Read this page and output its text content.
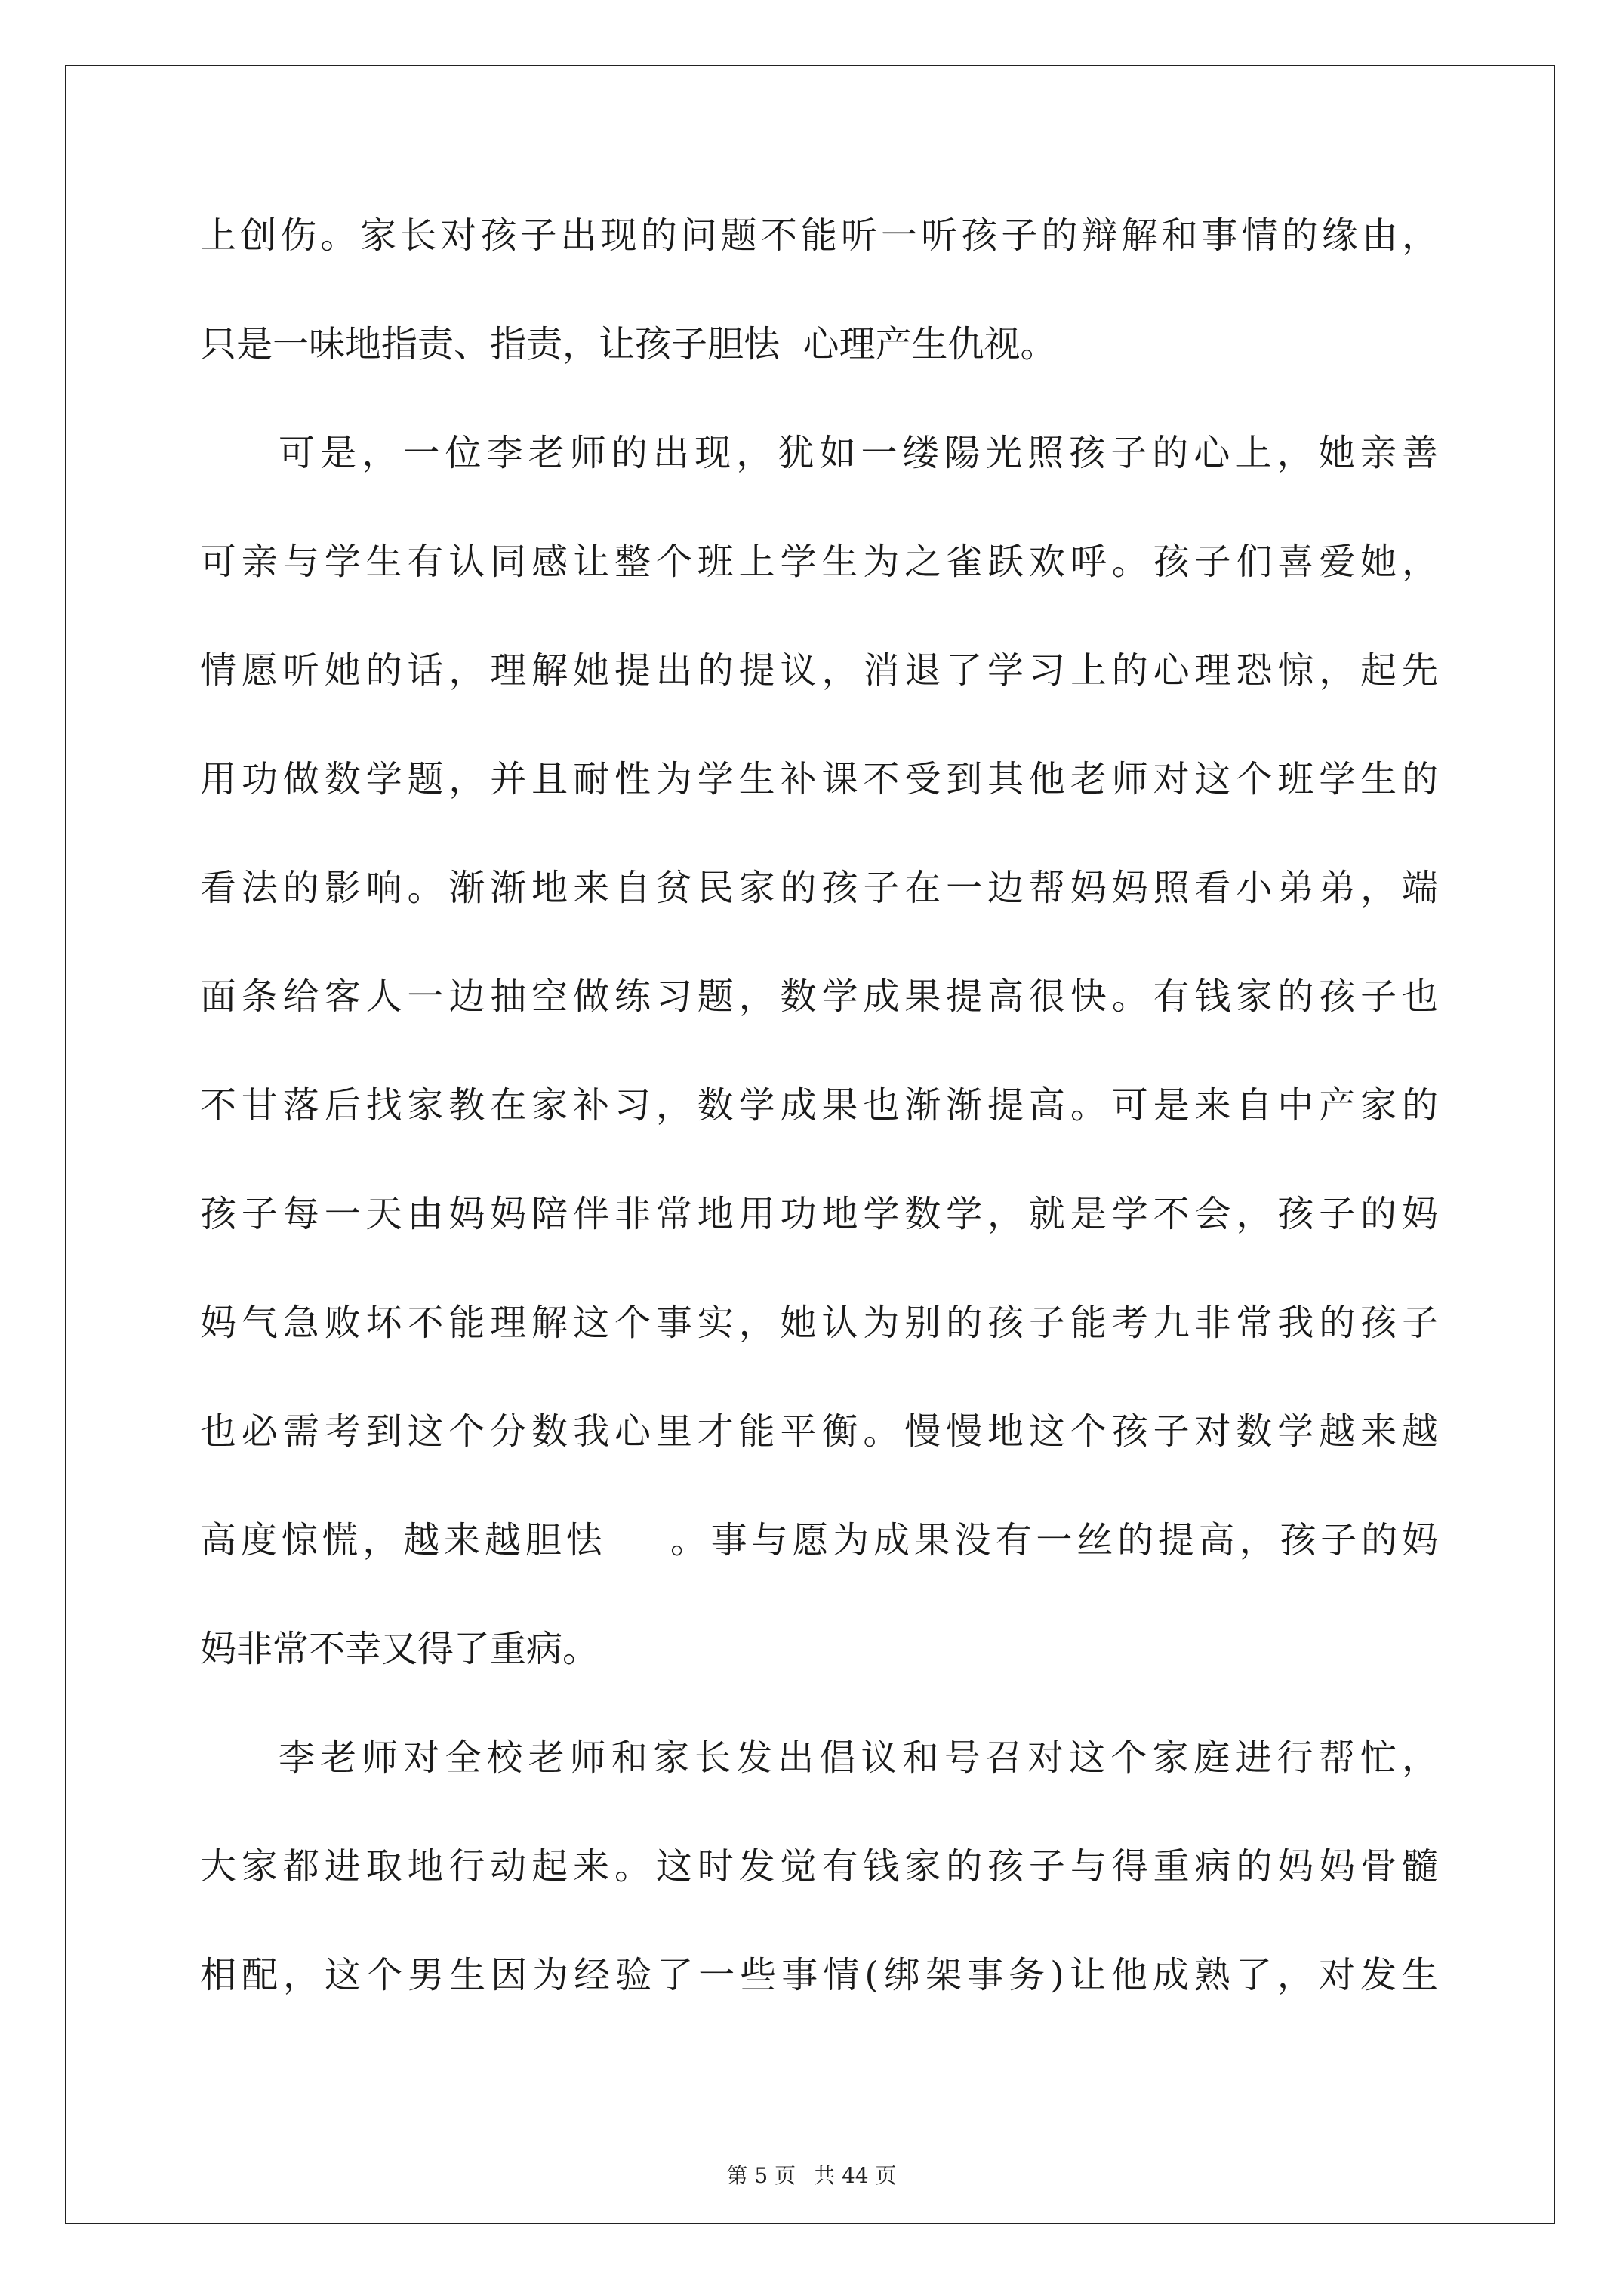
上创伤。家长对孩子出现的问题不能听一听孩子的辩解和事情的缘由，
只是一味地指责、指责，让孩子胆怯  心理产生仇视。
可是，一位李老师的出现，犹如一缕陽光照孩子的心上，她亲善
可亲与学生有认同感让整个班上学生为之雀跃欢呼。孩子们喜爱她，
情愿听她的话，理解她提出的提议，消退了学习上的心理恐惊，起先
用功做数学题，并且耐性为学生补课不受到其他老师对这个班学生的
看法的影响。渐渐地来自贫民家的孩子在一边帮妈妈照看小弟弟，端
面条给客人一边抽空做练习题，数学成果提高很快。有钱家的孩子也
不甘落后找家教在家补习，数学成果也渐渐提高。可是来自中产家的
孩子每一天由妈妈陪伴非常地用功地学数学，就是学不会，孩子的妈
妈气急败坏不能理解这个事实，她认为别的孩子能考九非常我的孩子
也必需考到这个分数我心里才能平衡。慢慢地这个孩子对数学越来越
高度惊慌，越来越胆怯    。事与愿为成果没有一丝的提高，孩子的妈
妈非常不幸又得了重病。
李老师对全校老师和家长发出倡议和号召对这个家庭进行帮忙，
大家都进取地行动起来。这时发觉有钱家的孩子与得重病的妈妈骨髓
相配，这个男生因为经验了一些事情(绑架事务)让他成熟了，对发生
第 5 页 共 44 页
